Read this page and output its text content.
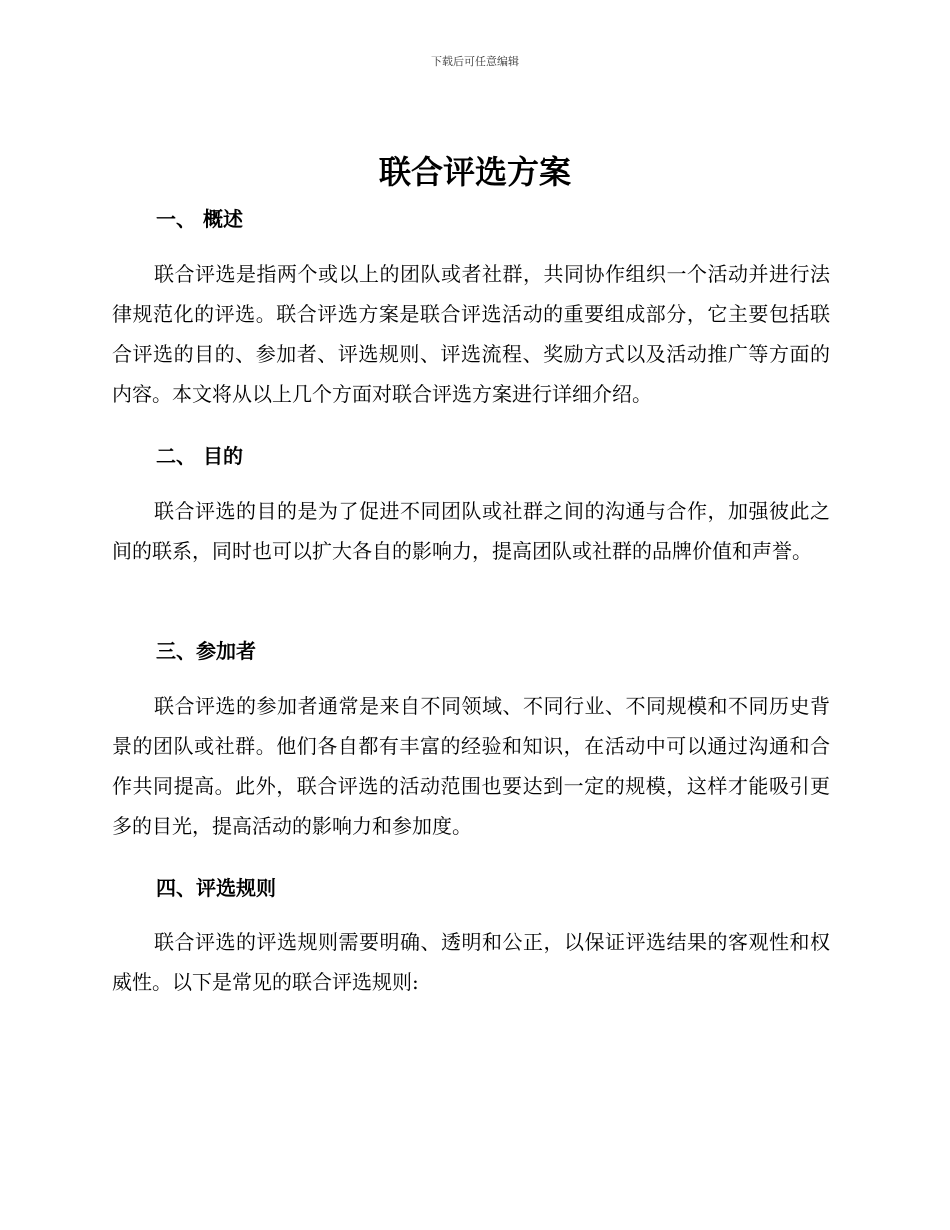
下载后可任意编辑
联合评选方案
一、 概述

联合评选是指两个或以上的团队或者社群，共同协作组织一个活动并进行法律规范化的评选。联合评选方案是联合评选活动的重要组成部分，它主要包括联合评选的目的、参加者、评选规则、评选流程、奖励方式以及活动推广等方面的内容。本文将从以上几个方面对联合评选方案进行详细介绍。

二、 目的

联合评选的目的是为了促进不同团队或社群之间的沟通与合作，加强彼此之间的联系，同时也可以扩大各自的影响力，提高团队或社群的品牌价值和声誉。

三、参加者

联合评选的参加者通常是来自不同领域、不同行业、不同规模和不同历史背景的团队或社群。他们各自都有丰富的经验和知识，在活动中可以通过沟通和合作共同提高。此外，联合评选的活动范围也要达到一定的规模，这样才能吸引更多的目光，提高活动的影响力和参加度。

四、评选规则

联合评选的评选规则需要明确、透明和公正，以保证评选结果的客观性和权威性。以下是常见的联合评选规则:
